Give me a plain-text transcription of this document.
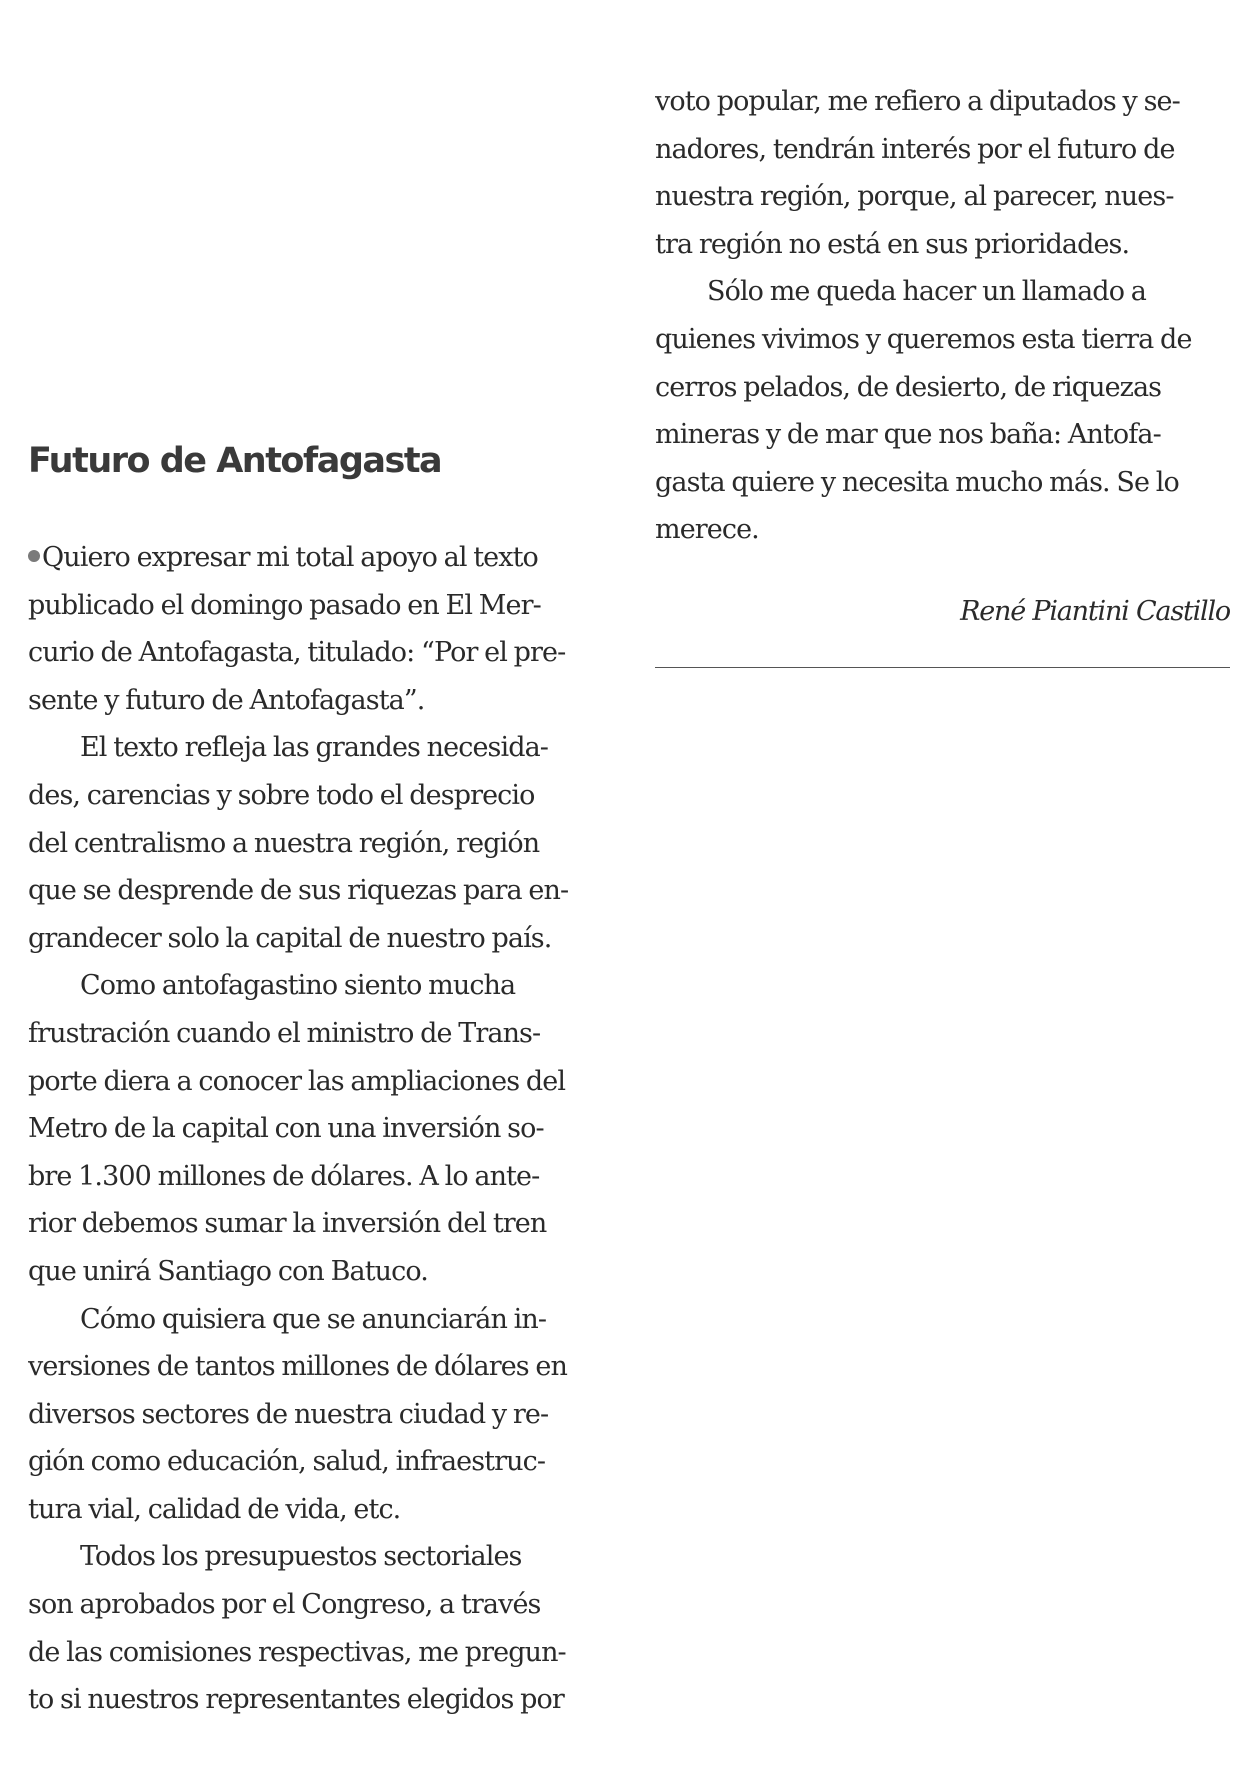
Futuro de Antofagasta
Quiero expresar mi total apoyo al texto
publicado el domingo pasado en El Mer-
curio de Antofagasta, titulado: “Por el pre-
sente y futuro de Antofagasta”.
El texto refleja las grandes necesida-
des, carencias y sobre todo el desprecio
del centralismo a nuestra región, región
que se desprende de sus riquezas para en-
grandecer solo la capital de nuestro país.
Como antofagastino siento mucha
frustración cuando el ministro de Trans-
porte diera a conocer las ampliaciones del
Metro de la capital con una inversión so-
bre 1.300 millones de dólares. A lo ante-
rior debemos sumar la inversión del tren
que unirá Santiago con Batuco.
Cómo quisiera que se anunciarán in-
versiones de tantos millones de dólares en
diversos sectores de nuestra ciudad y re-
gión como educación, salud, infraestruc-
tura vial, calidad de vida, etc.
Todos los presupuestos sectoriales
son aprobados por el Congreso, a través
de las comisiones respectivas, me pregun-
to si nuestros representantes elegidos por
voto popular, me refiero a diputados y se-
nadores, tendrán interés por el futuro de
nuestra región, porque, al parecer, nues-
tra región no está en sus prioridades.
Sólo me queda hacer un llamado a
quienes vivimos y queremos esta tierra de
cerros pelados, de desierto, de riquezas
mineras y de mar que nos baña: Antofa-
gasta quiere y necesita mucho más. Se lo
merece.
René Piantini Castillo
